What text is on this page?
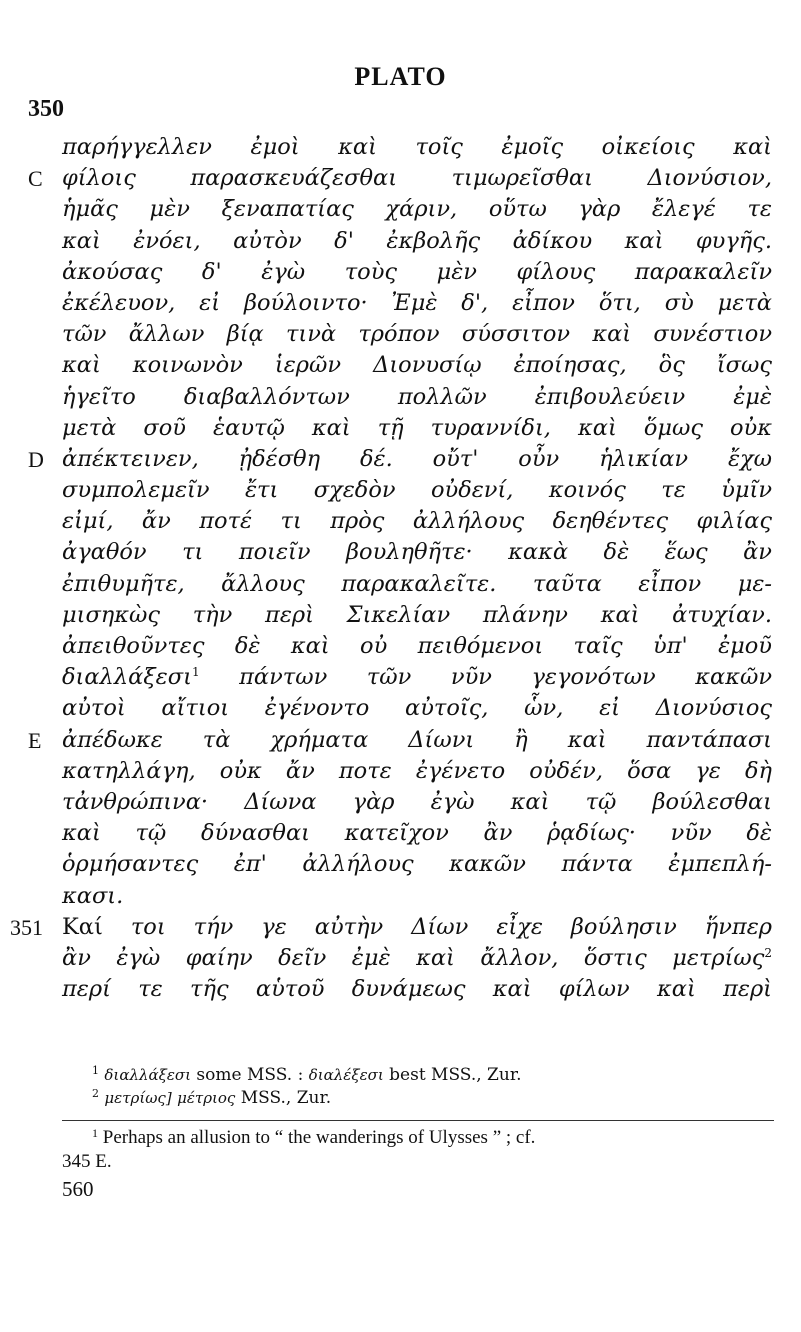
PLATO
350
παρήγγελλεν ἐμοὶ καὶ τοῖς ἐμοῖς οἰκείοις καὶ
C φίλοις παρασκευάζεσθαι τιμωρεῖσθαι Διονύσιον,
ἡμᾶς μὲν ξεναπατίας χάριν, οὕτω γὰρ ἔλεγέ τε
καὶ ἐνόει, αὐτὸν δ' ἐκβολῆς ἀδίκου καὶ φυγῆς.
ἀκούσας δ' ἐγὼ τοὺς μὲν φίλους παρακαλεῖν
ἐκέλευον, εἰ βούλοιντο· Ἐμὲ δ', εἶπον ὅτι, σὺ μετὰ
τῶν ἄλλων βίᾳ τινὰ τρόπον σύσσιτον καὶ συνέστιον
καὶ κοινωνὸν ἱερῶν Διονυσίῳ ἐποίησας, ὃς ἴσως
ἡγεῖτο διαβαλλόντων πολλῶν ἐπιβουλεύειν ἐμὲ
μετὰ σοῦ ἑαυτῷ καὶ τῇ τυραννίδι, καὶ ὅμως οὐκ
D ἀπέκτεινεν, ᾐδέσθη δέ. οὔτ' οὖν ἡλικίαν ἔχω
συμπολεμεῖν ἔτι σχεδὸν οὐδενί, κοινός τε ὑμῖν
εἰμί, ἄν ποτέ τι πρὸς ἀλλήλους δεηθέντες φιλίας
ἀγαθόν τι ποιεῖν βουληθῆτε· κακὰ δὲ ἕως ἂν
ἐπιθυμῆτε, ἄλλους παρακαλεῖτε. ταῦτα εἶπον με-
μισηκὼς τὴν περὶ Σικελίαν πλάνην καὶ ἀτυχίαν.
ἀπειθοῦντες δὲ καὶ οὐ πειθόμενοι ταῖς ὑπ' ἐμοῦ
διαλλάξεσι$^1$ πάντων τῶν νῦν γεγονότων κακῶν
αὐτοὶ αἴτιοι ἐγένοντο αὐτοῖς, ὧν, εἰ Διονύσιος
E ἀπέδωκε τὰ χρήματα Δίωνι ἢ καὶ παντάπασι
κατηλλάγη, οὐκ ἄν ποτε ἐγένετο οὐδέν, ὅσα γε δὴ
τἀνθρώπινα· Δίωνα γὰρ ἐγὼ καὶ τῷ βούλεσθαι
καὶ τῷ δύνασθαι κατεῖχον ἂν ῥᾳδίως· νῦν δὲ
ὁρμήσαντες ἐπ' ἀλλήλους κακῶν πάντα ἐμπεπλή-
κασι.
351 Καί τοι τήν γε αὐτὴν Δίων εἶχε βούλησιν ἥνπερ
ἂν ἐγὼ φαίην δεῖν ἐμὲ καὶ ἄλλον, ὅστις μετρίως$^2$
περί τε τῆς αὑτοῦ δυνάμεως καὶ φίλων καὶ περὶ
$^1$ διαλλάξεσι some MSS. : διαλέξεσι best MSS., Zur.
$^2$ μετρίως] μέτριος MSS., Zur.
$^1$ Perhaps an allusion to “ the wanderings of Ulysses ” ; cf.
345 E.
560
